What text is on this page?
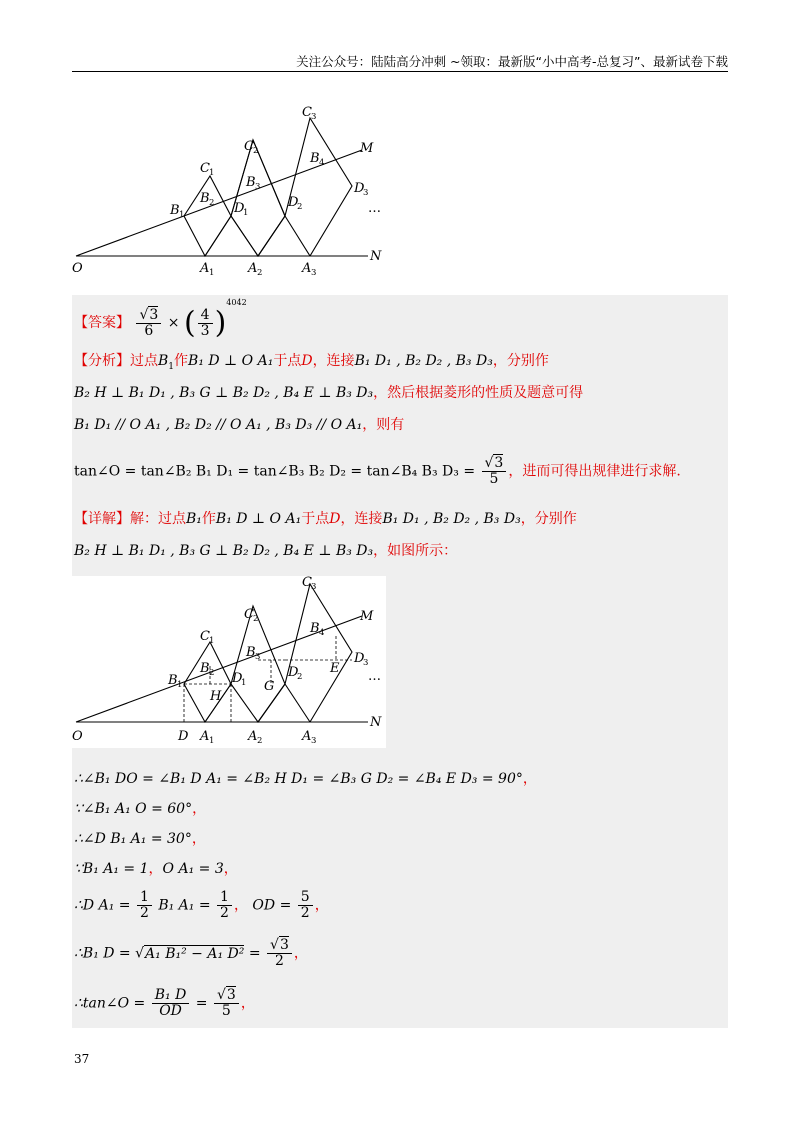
关注公众号：陆陆高分冲刺 ~领取：最新版“小中高考-总复习”、最新试卷下载
O
N
M
A 1	A 2	A 3
B 1
B 2
B 3
B 4
C 1
C 2
C 3
D
1
D
2
D
3
…
【答案】 $\frac{√3}{6}$ × ( $\frac{4}{3} )^{4042}$
【分析】过点$B_1$作B₁ D ⊥ O A₁于点D，连接B₁ D₁ , B₂ D₂ , B₃ D₃，分别作
B₂ H ⊥ B₁ D₁ , B₃ G ⊥ B₂ D₂ , B₄ E ⊥ B₃ D₃，然后根据菱形的性质及题意可得
B₁ D₁ // O A₁ , B₂ D₂ // O A₁ , B₃ D₃ // O A₁，则有
tan∠O = tan∠B₂ B₁ D₁ = tan∠B₃ B₂ D₂ = tan∠B₄ B₃ $D_3 = \frac{√3}{5}$ ，进而可得出规律进行求解.
【详解】解：过点B₁作B₁ D ⊥ O A₁于点D，连接B₁ D₁ , B₂ D₂ , B₃ D₃，分别作
B₂ H ⊥ B₁ D₁ , B₃ G ⊥ B₂ D₂ , B₄ E ⊥ B₃ D₃，如图所示：
O
N
M
D
H
G
E
A 1	A 2	A 3
B 1
B 2
B 3
B 4
C 1
C 2
C 3
D
1
D
2
D
3
…
∴∠B₁ DO = ∠B₁ D A₁ = ∠B₂ H D₁ = ∠B₃ G D₂ = ∠B₄ E D₃ = 90°，
∵∠B₁ A₁ O = 60°，
∴∠D B₁ A₁ = 30°，
∵B₁ A₁ = 1，O A₁ = 3，
∴D $A_1 = \frac{1}{2} B_1$ $A_1 = \frac{1}{2}$ ， OD = $\frac{5}{2}$ ，
∴B₁ D = √A₁ B₁² − A₁ $D^2 = \frac{√3}{2}$ ，
∴tan∠O = $\frac{\text{B₁ D}}{OD} = \frac{√3}{5}$ ，
37
